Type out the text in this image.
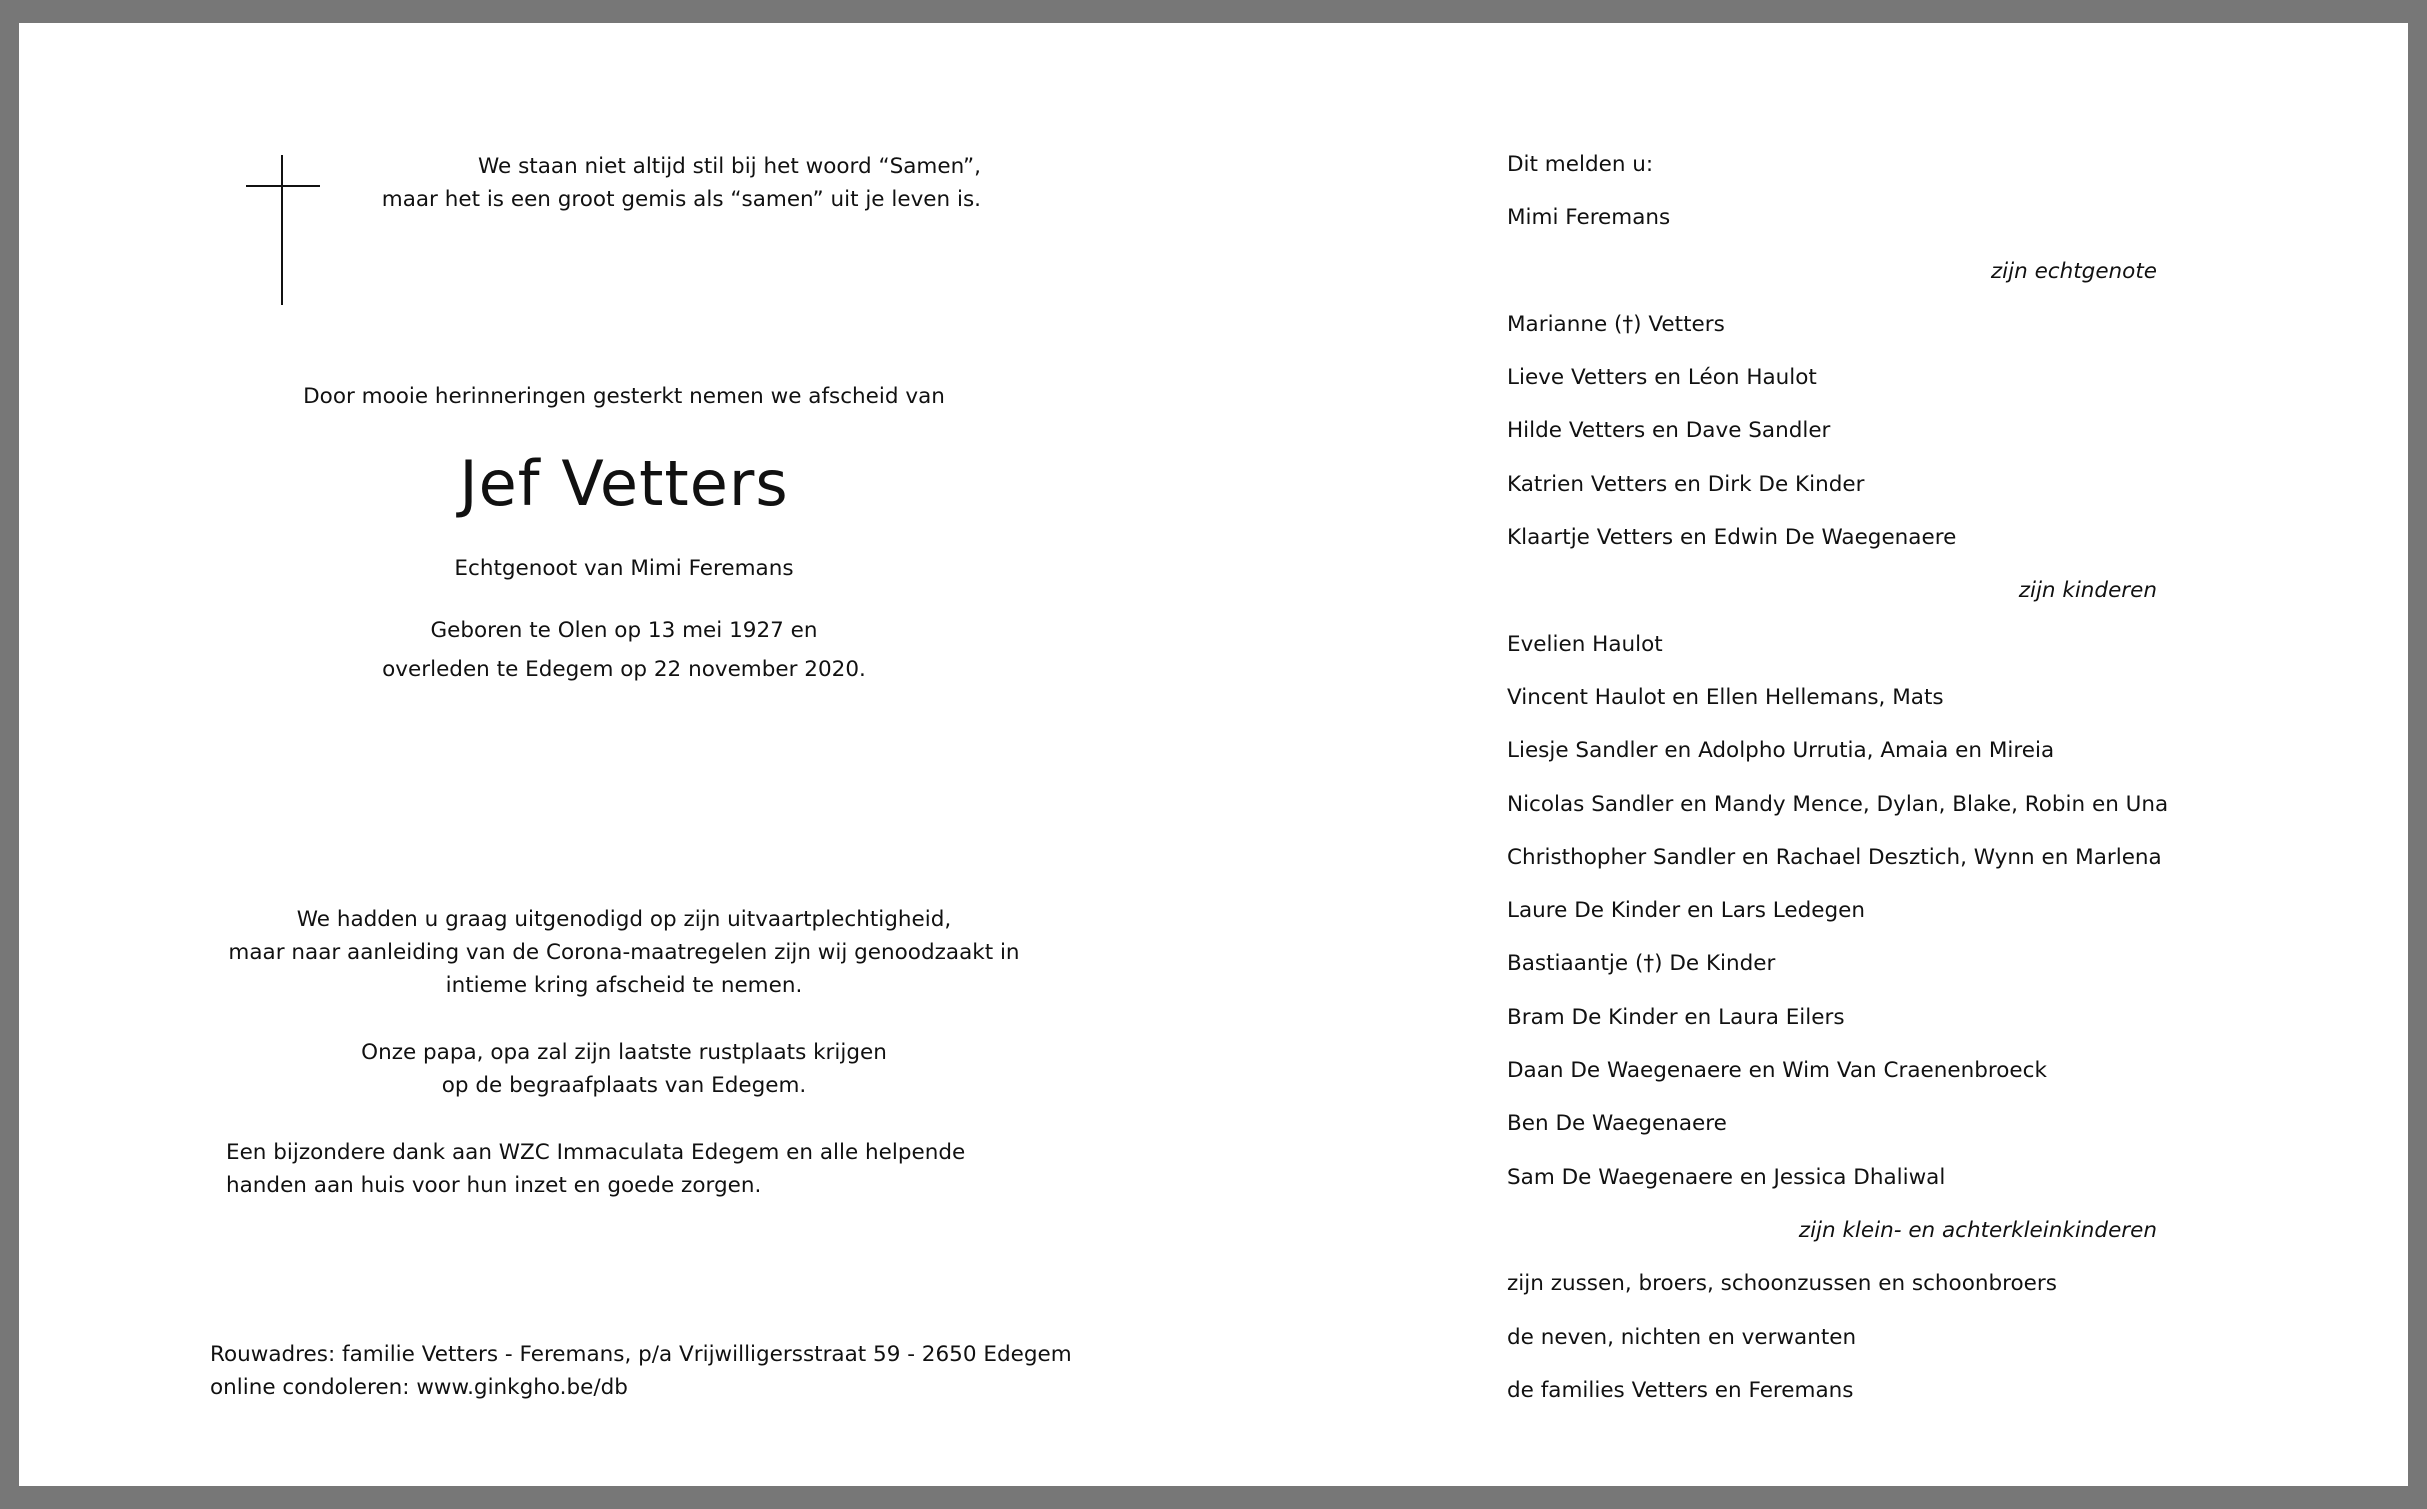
We staan niet altijd stil bij het woord “Samen”,
maar het is een groot gemis als “samen” uit je leven is.
Door mooie herinneringen gesterkt nemen we afscheid van
Jef Vetters
Echtgenoot van Mimi Feremans
Geboren te Olen op 13 mei 1927 en
overleden te Edegem op 22 november 2020.
We hadden u graag uitgenodigd op zijn uitvaartplechtigheid,
maar naar aanleiding van de Corona-maatregelen zijn wij genoodzaakt in
intieme kring afscheid te nemen.
Onze papa, opa zal zijn laatste rustplaats krijgen
op de begraafplaats van Edegem.
Een bijzondere dank aan WZC Immaculata Edegem en alle helpende
handen aan huis voor hun inzet en goede zorgen.
Rouwadres: familie Vetters - Feremans, p/a Vrijwilligersstraat 59 - 2650 Edegem
online condoleren: www.ginkgho.be/db
Dit melden u:
Mimi Feremans
zijn echtgenote
Marianne (†) Vetters
Lieve Vetters en Léon Haulot
Hilde Vetters en Dave Sandler
Katrien Vetters en Dirk De Kinder
Klaartje Vetters en Edwin De Waegenaere
zijn kinderen
Evelien Haulot
Vincent Haulot en Ellen Hellemans, Mats
Liesje Sandler en Adolpho Urrutia, Amaia en Mireia
Nicolas Sandler en Mandy Mence, Dylan, Blake, Robin en Una
Christhopher Sandler en Rachael Desztich, Wynn en Marlena
Laure De Kinder en Lars Ledegen
Bastiaantje (†) De Kinder
Bram De Kinder en Laura Eilers
Daan De Waegenaere en Wim Van Craenenbroeck
Ben De Waegenaere
Sam De Waegenaere en Jessica Dhaliwal
zijn klein- en achterkleinkinderen
zijn zussen, broers, schoonzussen en schoonbroers
de neven, nichten en verwanten
de families Vetters en Feremans
